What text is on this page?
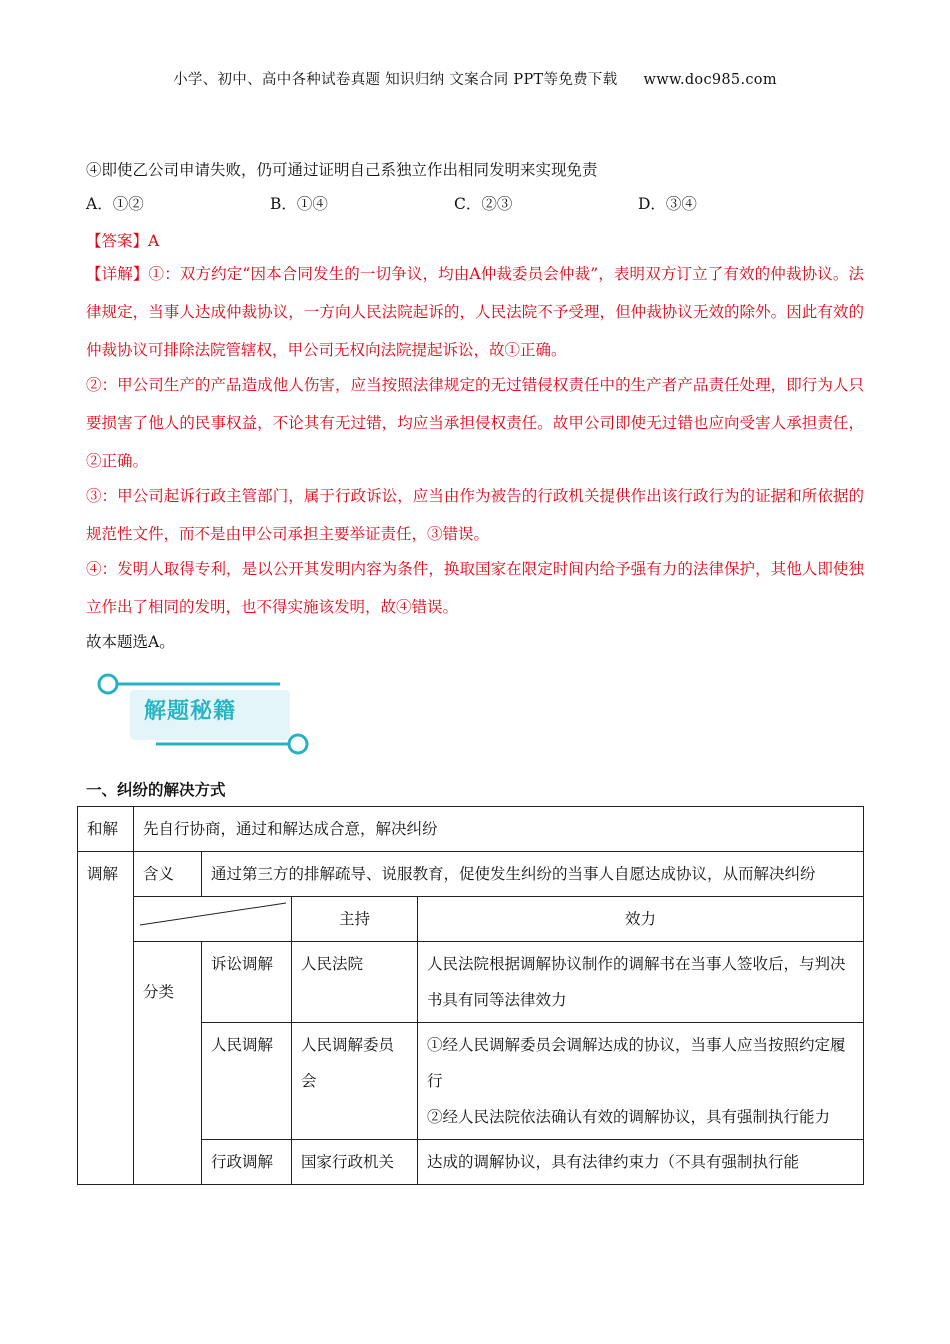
小学、初中、高中各种试卷真题 知识归纳 文案合同 PPT等免费下载 www.doc985.com
④即使乙公司申请失败，仍可通过证明自己系独立作出相同发明来实现免责
A．①②	B．①④	C．②③	D．③④
【答案】A
【详解】①：双方约定“因本合同发生的一切争议，均由A仲裁委员会仲裁”，表明双方订立了有效的仲裁协议。法律规定，当事人达成仲裁协议，一方向人民法院起诉的，人民法院不予受理，但仲裁协议无效的除外。因此有效的仲裁协议可排除法院管辖权，甲公司无权向法院提起诉讼，故①正确。
②：甲公司生产的产品造成他人伤害，应当按照法律规定的无过错侵权责任中的生产者产品责任处理，即行为人只要损害了他人的民事权益，不论其有无过错，均应当承担侵权责任。故甲公司即使无过错也应向受害人承担责任，②正确。
③：甲公司起诉行政主管部门，属于行政诉讼，应当由作为被告的行政机关提供作出该行政行为的证据和所依据的规范性文件，而不是由甲公司承担主要举证责任，③错误。
④：发明人取得专利，是以公开其发明内容为条件，换取国家在限定时间内给予强有力的法律保护，其他人即使独立作出了相同的发明，也不得实施该发明，故④错误。
故本题选A。
解题秘籍
一、纠纷的解决方式
和解	先自行协商，通过和解达成合意，解决纠纷			
调解	含义	通过第三方的排解疏导、说服教育，促使发生纠纷的当事人自愿达成协议，从而解决纠纷		

	主持	效力

	分类	诉讼调解	人民法院	人民法院根据调解协议制作的调解书在当事人签收后，与判决书具有同等法律效力
		人民调解	人民调解委员会	①经人民调解委员会调解达成的协议，当事人应当按照约定履行
②经人民法院依法确认有效的调解协议，具有强制执行能力

		行政调解	国家行政机关	达成的调解协议，具有法律约束力（不具有强制执行能
